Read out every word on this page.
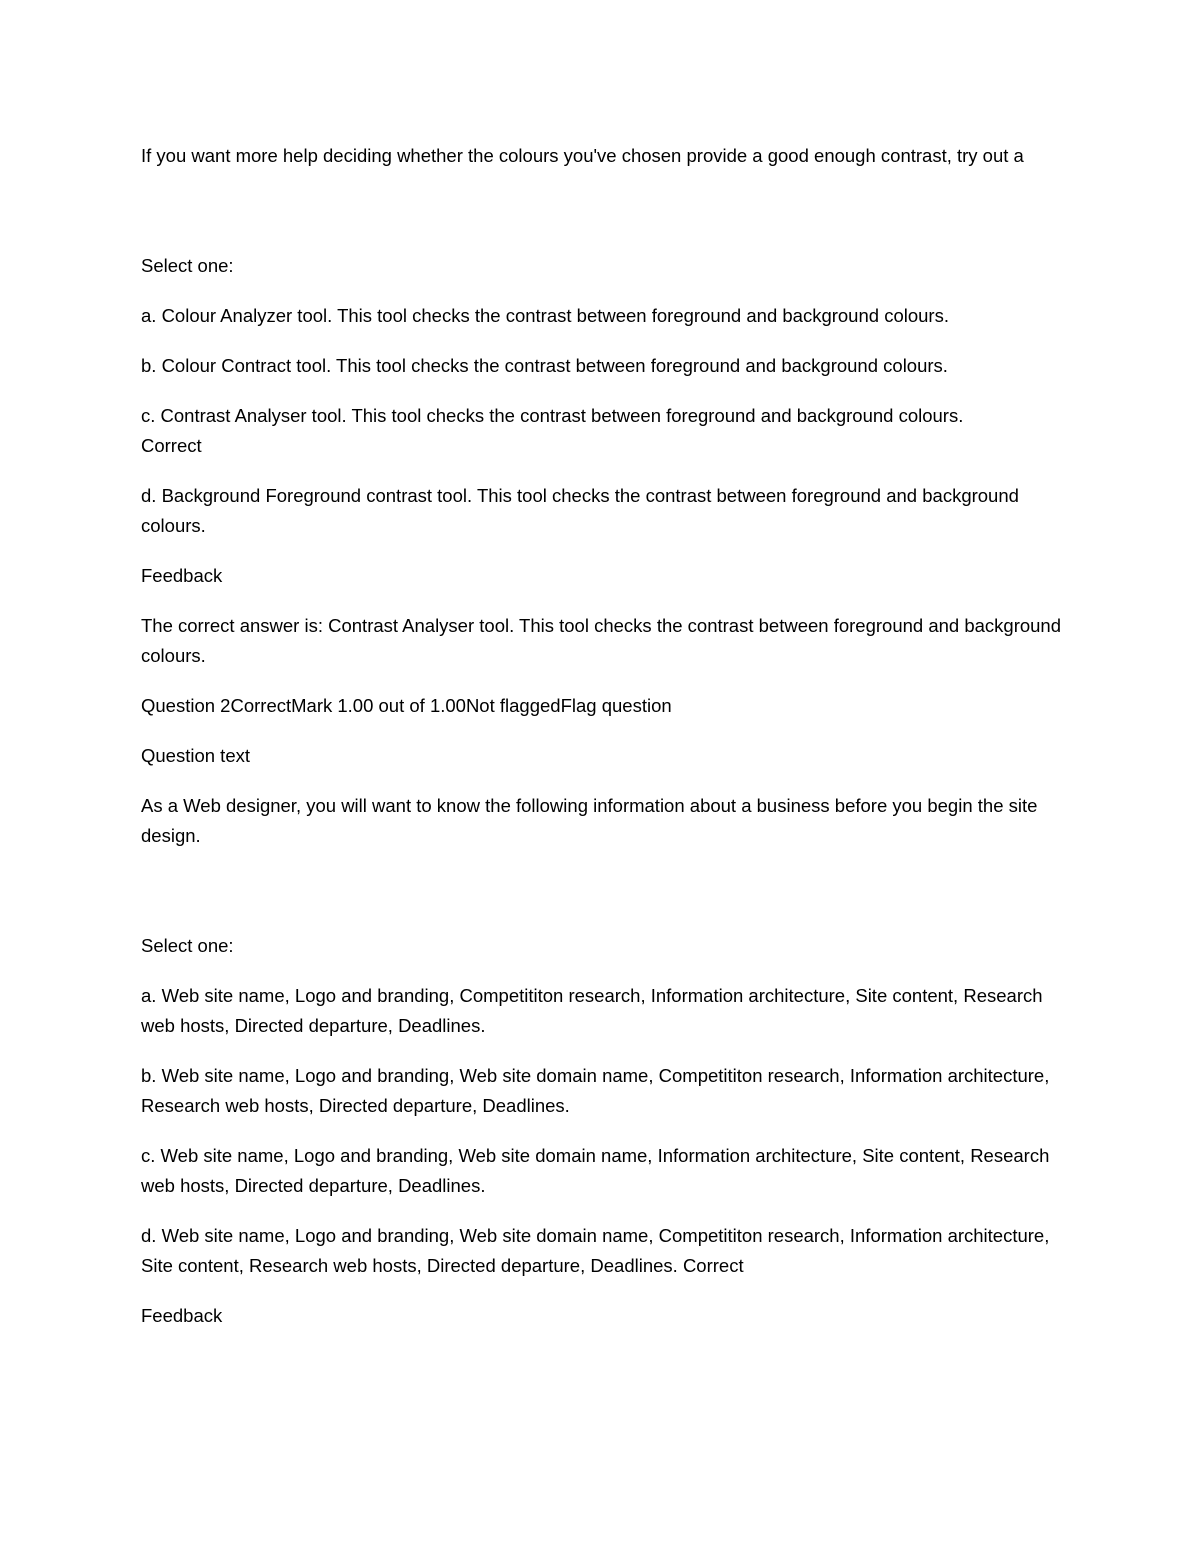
If you want more help deciding whether the colours you've chosen provide a good enough contrast, try out a

Select one:

a. Colour Analyzer tool. This tool checks the contrast between foreground and background colours.

b. Colour Contract tool. This tool checks the contrast between foreground and background colours.

c. Contrast Analyser tool. This tool checks the contrast between foreground and background colours.

Correct

d. Background Foreground contrast tool. This tool checks the contrast between foreground and background colours.

Feedback

The correct answer is: Contrast Analyser tool. This tool checks the contrast between foreground and background colours.

Question 2CorrectMark 1.00 out of 1.00Not flaggedFlag question

Question text

As a Web designer, you will want to know the following information about a business before you begin the site design.

Select one:

a. Web site name, Logo and branding, Competititon research, Information architecture, Site content, Research web hosts, Directed departure, Deadlines.

b. Web site name, Logo and branding, Web site domain name, Competititon research, Information architecture, Research web hosts, Directed departure, Deadlines.

c. Web site name, Logo and branding, Web site domain name, Information architecture, Site content, Research web hosts, Directed departure, Deadlines.

d. Web site name, Logo and branding, Web site domain name, Competititon research, Information architecture, Site content, Research web hosts, Directed departure, Deadlines. Correct

Feedback
